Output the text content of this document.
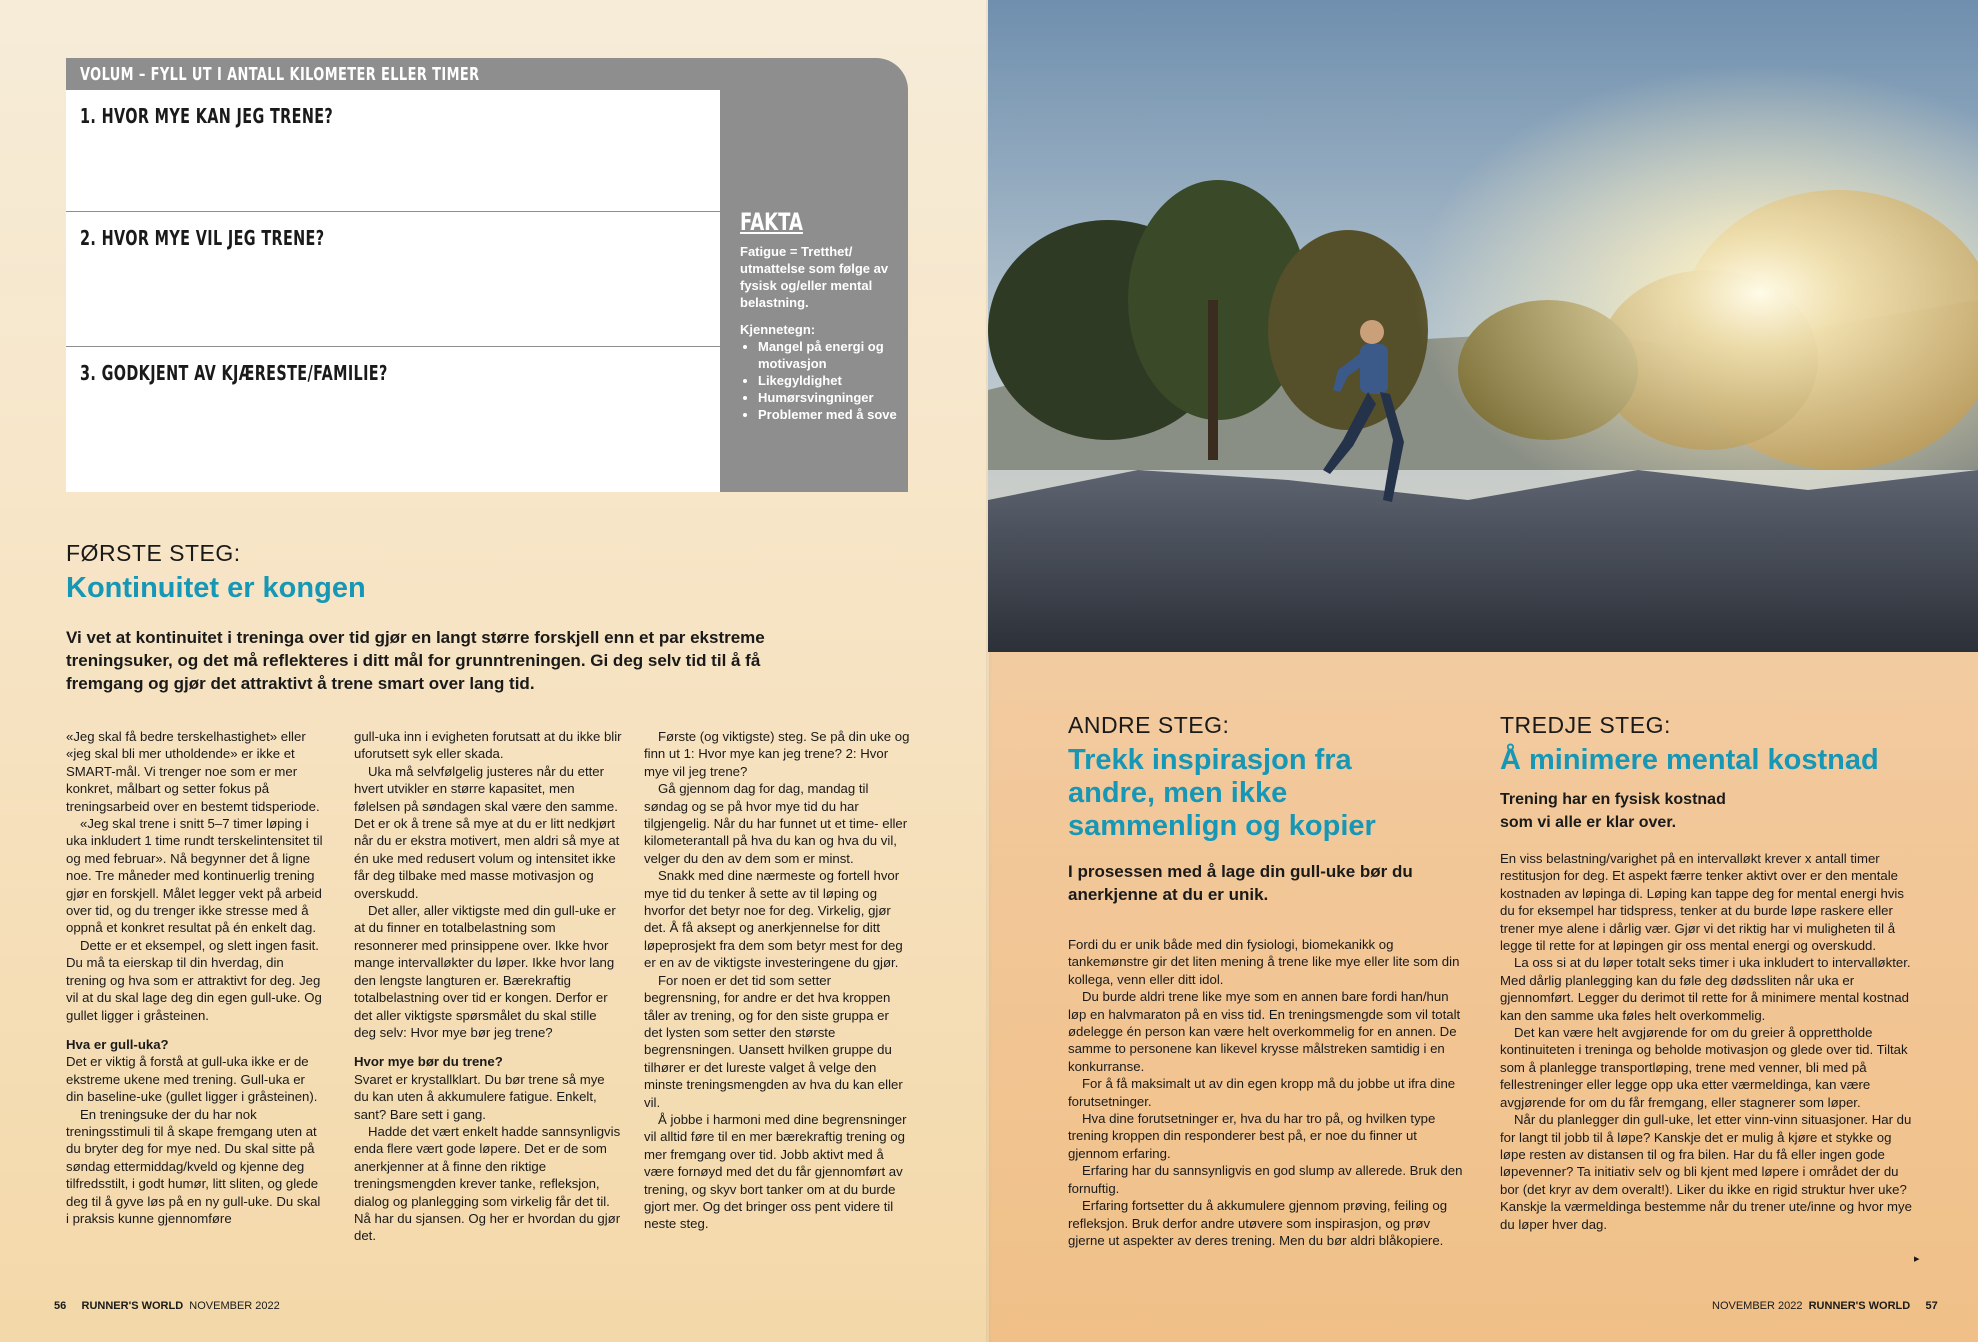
VOLUM – FYLL UT I ANTALL KILOMETER ELLER TIMER
1. HVOR MYE KAN JEG TRENE?
2. HVOR MYE VIL JEG TRENE?
3. GODKJENT AV KJÆRESTE/FAMILIE?
FAKTA

Fatigue = Tretthet/ utmattelse som følge av fysisk og/eller mental belastning.

Kjennetegn:

• Mangel på energi og motivasjon
• Likegyldighet
• Humørsvingninger
• Problemer med å sove
FØRSTE STEG:
Kontinuitet er kongen
Vi vet at kontinuitet i treninga over tid gjør en langt større forskjell enn et par ekstreme treningsuker, og det må reflekteres i ditt mål for grunntreningen. Gi deg selv tid til å få fremgang og gjør det attraktivt å trene smart over lang tid.

«Jeg skal få bedre terskelhastighet» eller «jeg skal bli mer utholdende» er ikke et SMART-mål. Vi trenger noe som er mer konkret, målbart og setter fokus på treningsarbeid over en bestemt tidsperiode.

«Jeg skal trene i snitt 5–7 timer løping i uka inkludert 1 time rundt terskelintensitet til og med februar». Nå begynner det å ligne noe. Tre måneder med kontinuerlig trening gjør en forskjell. Målet legger vekt på arbeid over tid, og du trenger ikke stresse med å oppnå et konkret resultat på én enkelt dag.

Dette er et eksempel, og slett ingen fasit. Du må ta eierskap til din hverdag, din trening og hva som er attraktivt for deg. Jeg vil at du skal lage deg din egen gull-uke. Og gullet ligger i gråsteinen.

Hva er gull-uka?

Det er viktig å forstå at gull-uka ikke er de ekstreme ukene med trening. Gull-uka er din baseline-uke (gullet ligger i gråsteinen).

En treningsuke der du har nok treningsstimuli til å skape fremgang uten at du bryter deg for mye ned. Du skal sitte på søndag ettermiddag/kveld og kjenne deg tilfredsstilt, i godt humør, litt sliten, og glede deg til å gyve løs på en ny gull-uke. Du skal i praksis kunne gjennomføre

gull-uka inn i evigheten forutsatt at du ikke blir uforutsett syk eller skada.

Uka må selvfølgelig justeres når du etter hvert utvikler en større kapasitet, men følelsen på søndagen skal være den samme. Det er ok å trene så mye at du er litt nedkjørt når du er ekstra motivert, men aldri så mye at én uke med redusert volum og intensitet ikke får deg tilbake med masse motivasjon og overskudd.

Det aller, aller viktigste med din gull-uke er at du finner en totalbelastning som resonnerer med prinsippene over. Ikke hvor mange intervalløkter du løper. Ikke hvor lang den lengste langturen er. Bærekraftig totalbelastning over tid er kongen. Derfor er det aller viktigste spørsmålet du skal stille deg selv: Hvor mye bør jeg trene?

Hvor mye bør du trene?

Svaret er krystallklart. Du bør trene så mye du kan uten å akkumulere fatigue. Enkelt, sant? Bare sett i gang.

Hadde det vært enkelt hadde sannsynligvis enda flere vært gode løpere. Det er de som anerkjenner at å finne den riktige treningsmengden krever tanke, refleksjon, dialog og planlegging som virkelig får det til. Nå har du sjansen. Og her er hvordan du gjør det.

Første (og viktigste) steg. Se på din uke og finn ut 1: Hvor mye kan jeg trene? 2: Hvor mye vil jeg trene?

Gå gjennom dag for dag, mandag til søndag og se på hvor mye tid du har tilgjengelig. Når du har funnet ut et time- eller kilometerantall på hva du kan og hva du vil, velger du den av dem som er minst.

Snakk med dine nærmeste og fortell hvor mye tid du tenker å sette av til løping og hvorfor det betyr noe for deg. Virkelig, gjør det. Å få aksept og anerkjennelse for ditt løpeprosjekt fra dem som betyr mest for deg er en av de viktigste investeringene du gjør.

For noen er det tid som setter begrensning, for andre er det hva kroppen tåler av trening, og for den siste gruppa er det lysten som setter den største begrensningen. Uansett hvilken gruppe du tilhører er det lureste valget å velge den minste treningsmengden av hva du kan eller vil.

Å jobbe i harmoni med dine begrensninger vil alltid føre til en mer bærekraftig trening og mer fremgang over tid. Jobb aktivt med å være fornøyd med det du får gjennomført av trening, og skyv bort tanker om at du burde gjort mer. Og det bringer oss pent videre til neste steg.

ANDRE STEG:
Trekk inspirasjon fra andre, men ikke sammenlign og kopier
I prosessen med å lage din gull-uke bør du anerkjenne at du er unik.

Fordi du er unik både med din fysiologi, biomekanikk og tankemønstre gir det liten mening å trene like mye eller lite som din kollega, venn eller ditt idol.

Du burde aldri trene like mye som en annen bare fordi han/hun løp en halvmaraton på en viss tid. En treningsmengde som vil totalt ødelegge én person kan være helt overkommelig for en annen. De samme to personene kan likevel krysse målstreken samtidig i en konkurranse.

For å få maksimalt ut av din egen kropp må du jobbe ut ifra dine forutsetninger.

Hva dine forutsetninger er, hva du har tro på, og hvilken type trening kroppen din responderer best på, er noe du finner ut gjennom erfaring.

Erfaring har du sannsynligvis en god slump av allerede. Bruk den fornuftig.

Erfaring fortsetter du å akkumulere gjennom prøving, feiling og refleksjon. Bruk derfor andre utøvere som inspirasjon, og prøv gjerne ut aspekter av deres trening. Men du bør aldri blåkopiere.

TREDJE STEG:
Å minimere mental kostnad
Trening har en fysisk kostnad som vi alle er klar over.

En viss belastning/varighet på en intervalløkt krever x antall timer restitusjon for deg. Et aspekt færre tenker aktivt over er den mentale kostnaden av løpinga di. Løping kan tappe deg for mental energi hvis du for eksempel har tidspress, tenker at du burde løpe raskere eller trener mye alene i dårlig vær. Gjør vi det riktig har vi muligheten til å legge til rette for at løpingen gir oss mental energi og overskudd.

La oss si at du løper totalt seks timer i uka inkludert to intervalløkter. Med dårlig planlegging kan du føle deg dødssliten når uka er gjennomført. Legger du derimot til rette for å minimere mental kostnad kan den samme uka føles helt overkommelig.

Det kan være helt avgjørende for om du greier å opprettholde kontinuiteten i treninga og beholde motivasjon og glede over tid. Tiltak som å planlegge transportløping, trene med venner, bli med på fellestreninger eller legge opp uka etter værmeldinga, kan være avgjørende for om du får fremgang, eller stagnerer som løper.

Når du planlegger din gull-uke, let etter vinn-vinn situasjoner. Har du for langt til jobb til å løpe? Kanskje det er mulig å kjøre et stykke og løpe resten av distansen til og fra bilen. Har du få eller ingen gode løpevenner? Ta initiativ selv og bli kjent med løpere i området der du bor (det kryr av dem overalt!). Liker du ikke en rigid struktur hver uke? Kanskje la værmeldinga bestemme når du trener ute/inne og hvor mye du løper hver dag.

▸
56 RUNNER'S WORLD NOVEMBER 2022	NOVEMBER 2022 RUNNER'S WORLD 57
